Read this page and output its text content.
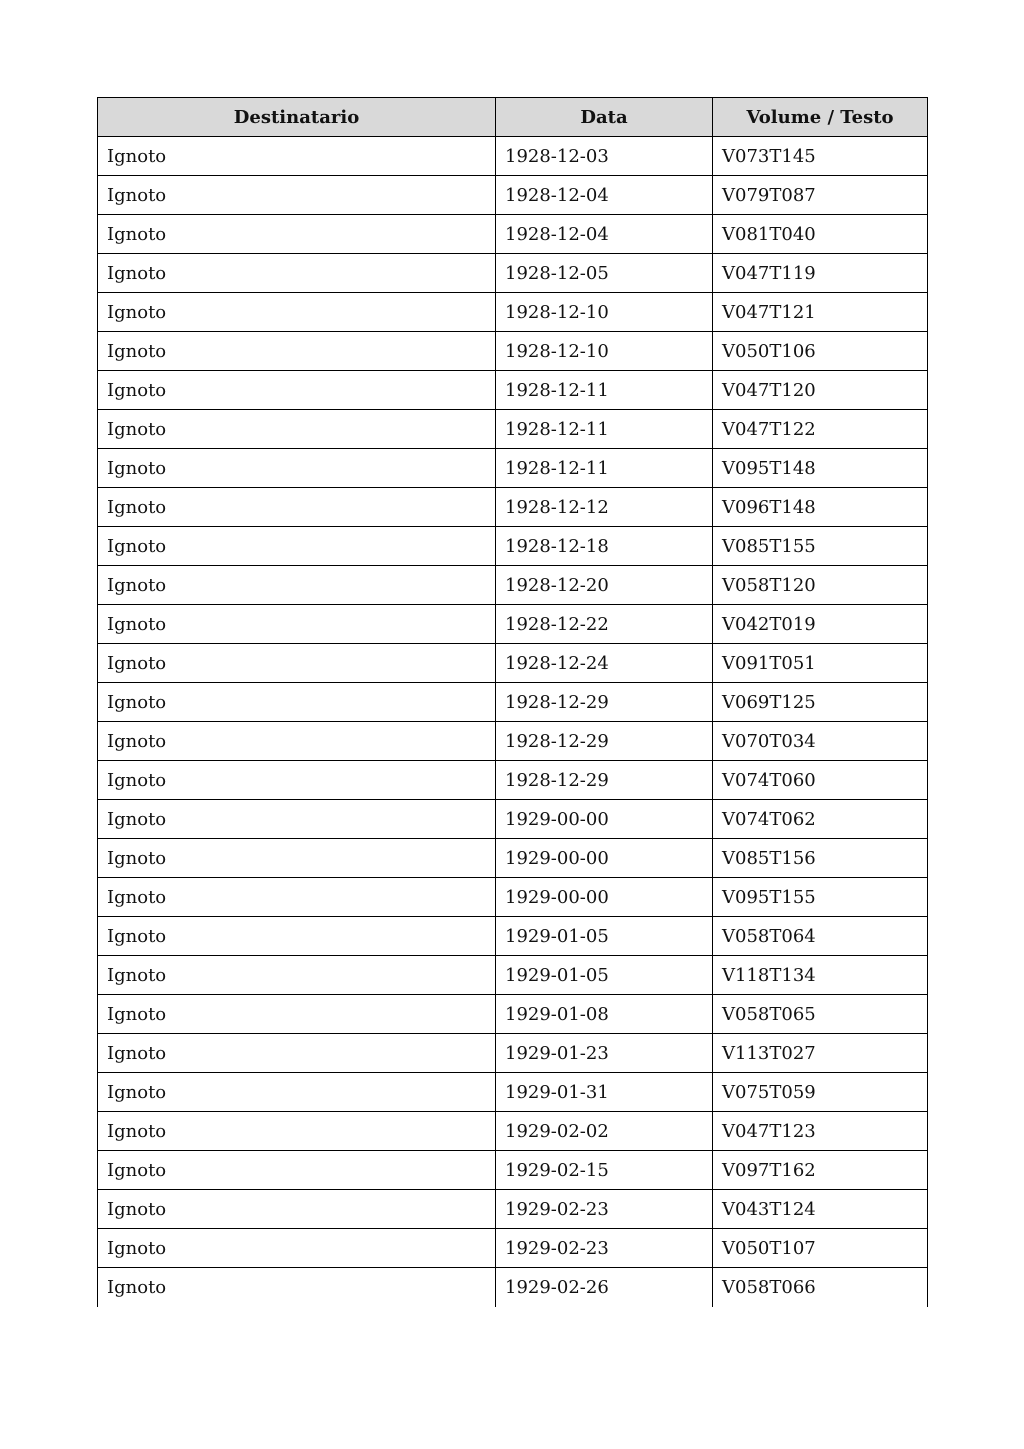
Destinatario	Data	Volume / Testo
Ignoto	1928-12-03	V073T145
Ignoto	1928-12-04	V079T087
Ignoto	1928-12-04	V081T040
Ignoto	1928-12-05	V047T119
Ignoto	1928-12-10	V047T121
Ignoto	1928-12-10	V050T106
Ignoto	1928-12-11	V047T120
Ignoto	1928-12-11	V047T122
Ignoto	1928-12-11	V095T148
Ignoto	1928-12-12	V096T148
Ignoto	1928-12-18	V085T155
Ignoto	1928-12-20	V058T120
Ignoto	1928-12-22	V042T019
Ignoto	1928-12-24	V091T051
Ignoto	1928-12-29	V069T125
Ignoto	1928-12-29	V070T034
Ignoto	1928-12-29	V074T060
Ignoto	1929-00-00	V074T062
Ignoto	1929-00-00	V085T156
Ignoto	1929-00-00	V095T155
Ignoto	1929-01-05	V058T064
Ignoto	1929-01-05	V118T134
Ignoto	1929-01-08	V058T065
Ignoto	1929-01-23	V113T027
Ignoto	1929-01-31	V075T059
Ignoto	1929-02-02	V047T123
Ignoto	1929-02-15	V097T162
Ignoto	1929-02-23	V043T124
Ignoto	1929-02-23	V050T107
Ignoto	1929-02-26	V058T066
